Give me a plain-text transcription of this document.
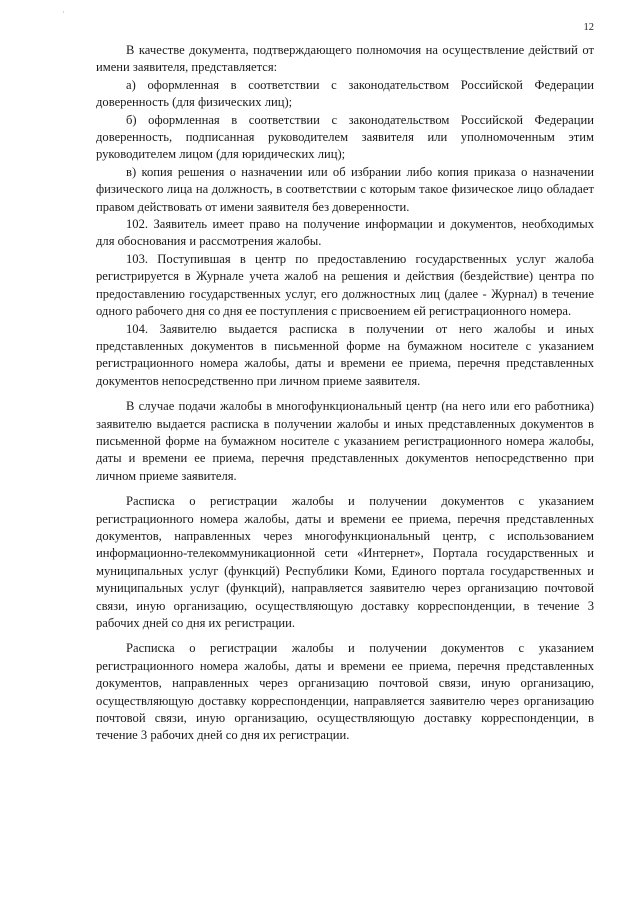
·
12

В качестве документа, подтверждающего полномочия на осуществление действий от имени заявителя, представляется:

а) оформленная в соответствии с законодательством Российской Федерации доверенность (для физических лиц);

б) оформленная в соответствии с законодательством Российской Федерации доверенность, подписанная руководителем заявителя или уполномоченным этим руководителем лицом (для юридических лиц);

в) копия решения о назначении или об избрании либо копия приказа о назначении физического лица на должность, в соответствии с которым такое физическое лицо обладает правом действовать от имени заявителя без доверенности.

102. Заявитель имеет право на получение информации и документов, необходимых для обоснования и рассмотрения жалобы.

103. Поступившая в центр по предоставлению государственных услуг жалоба регистрируется в Журнале учета жалоб на решения и действия (бездействие) центра по предоставлению государственных услуг, его должностных лиц (далее - Журнал) в течение одного рабочего дня со дня ее поступления с присвоением ей регистрационного номера.

104. Заявителю выдается расписка в получении от него жалобы и иных представленных документов в письменной форме на бумажном носителе с указанием регистрационного номера жалобы, даты и времени ее приема, перечня представленных документов непосредственно при личном приеме заявителя.

В случае подачи жалобы в многофункциональный центр (на него или его работника) заявителю выдается расписка в получении жалобы и иных представленных документов в письменной форме на бумажном носителе с указанием регистрационного номера жалобы, даты и времени ее приема, перечня представленных документов непосредственно при личном приеме заявителя.

Расписка о регистрации жалобы и получении документов с указанием регистрационного номера жалобы, даты и времени ее приема, перечня представленных документов, направленных через многофункциональный центр, с использованием информационно-телекоммуникационной сети «Интернет», Портала государственных и муниципальных услуг (функций) Республики Коми, Единого портала государственных и муниципальных услуг (функций), направляется заявителю через организацию почтовой связи, иную организацию, осуществляющую доставку корреспонденции, в течение 3 рабочих дней со дня их регистрации.

Расписка о регистрации жалобы и получении документов с указанием регистрационного номера жалобы, даты и времени ее приема, перечня представленных документов, направленных через организацию почтовой связи, иную организацию, осуществляющую доставку корреспонденции, направляется заявителю через организацию почтовой связи, иную организацию, осуществляющую доставку корреспонденции, в течение 3 рабочих дней со дня их регистрации.
